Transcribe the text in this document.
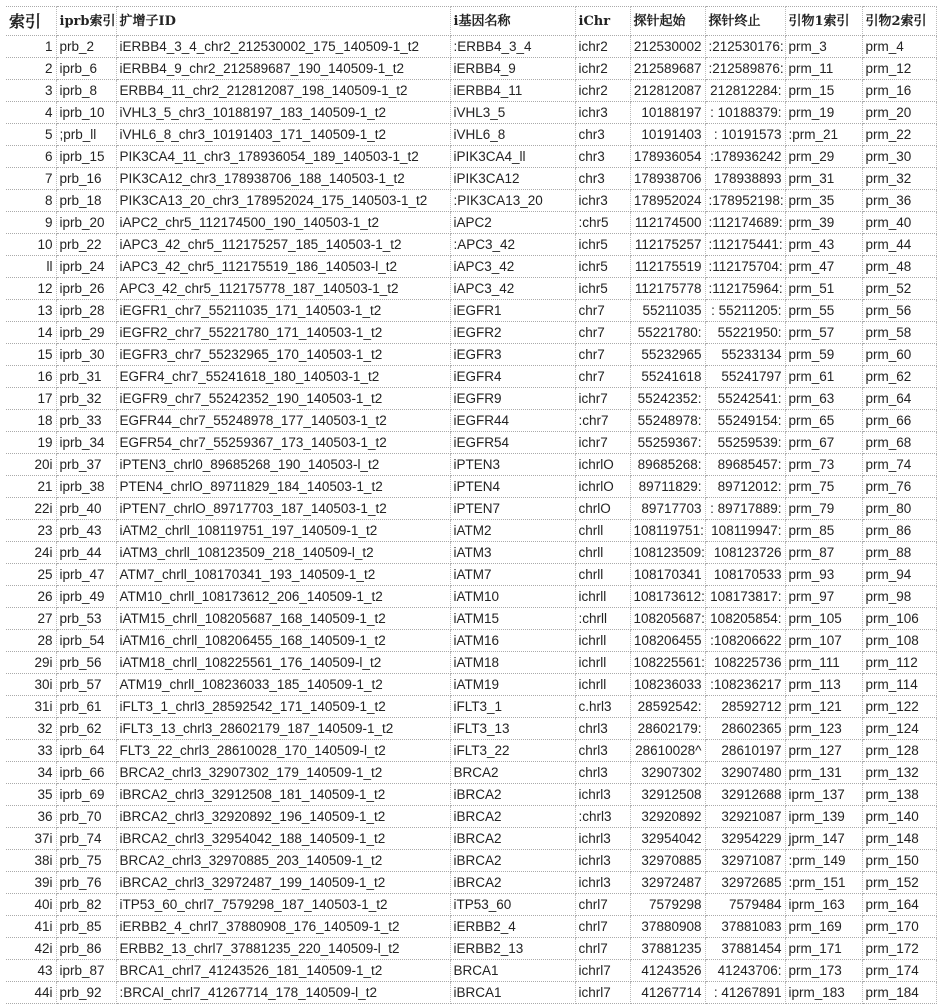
索引	iprb索引	扩增子ID	i基因名称	iChr	探针起始	探针终止	引物1索引	引物2索引
1	prb_2	iERBB4_3_4_chr2_212530002_175_140509-1_t2	:ERBB4_3_4	ichr2	212530002	:212530176:	prm_3	prm_4
2	iprb_6	iERBB4_9_chr2_212589687_190_140509-1_t2	iERBB4_9	ichr2	212589687	:212589876:	prm_11	prm_12
3	iprb_8	ERBB4_11_chr2_212812087_198_140509-1_t2	iERBB4_11	ichr2	212812087	212812284:	prm_15	prm_16
4	iprb_10	iVHL3_5_chr3_10188197_183_140509-1_t2	iVHL3_5	ichr3	10188197	: 10188379:	prm_19	prm_20
5	;prb_ll	iVHL6_8_chr3_10191403_171_140509-1_t2	iVHL6_8	chr3	10191403	: 10191573	:prm_21	prm_22
6	iprb_15	PIK3CA4_11_chr3_178936054_189_140503-1_t2	iPIK3CA4_ll	chr3	178936054	:178936242	prm_29	prm_30
7	prb_16	PIK3CA12_chr3_178938706_188_140503-1_t2	iPIK3CA12	chr3	178938706	178938893	prm_31	prm_32
8	prb_18	PIK3CA13_20_chr3_178952024_175_140503-1_t2	:PIK3CA13_20	ichr3	178952024	:178952198:	prm_35	prm_36
9	iprb_20	iAPC2_chr5_112174500_190_140503-1_t2	iAPC2	:chr5	112174500	:112174689:	prm_39	prm_40
10	prb_22	iAPC3_42_chr5_112175257_185_140503-1_t2	:APC3_42	ichr5	112175257	:112175441:	prm_43	prm_44
ll	iprb_24	iAPC3_42_chr5_112175519_186_140503-l_t2	iAPC3_42	ichr5	112175519	:112175704:	prm_47	prm_48
12	iprb_26	APC3_42_chr5_112175778_187_140503-1_t2	iAPC3_42	ichr5	112175778	:112175964:	prm_51	prm_52
13	iprb_28	iEGFR1_chr7_55211035_171_140503-1_t2	iEGFR1	chr7	55211035	: 55211205:	prm_55	prm_56
14	iprb_29	iEGFR2_chr7_55221780_171_140503-1_t2	iEGFR2	chr7	55221780:	55221950:	prm_57	prm_58
15	iprb_30	iEGFR3_chr7_55232965_170_140503-1_t2	iEGFR3	chr7	55232965	55233134	prm_59	prm_60
16	prb_31	EGFR4_chr7_55241618_180_140503-1_t2	iEGFR4	chr7	55241618	55241797	prm_61	prm_62
17	prb_32	iEGFR9_chr7_55242352_190_140503-1_t2	iEGFR9	ichr7	55242352:	55242541:	prm_63	prm_64
18	prb_33	EGFR44_chr7_55248978_177_140503-1_t2	iEGFR44	:chr7	55248978:	55249154:	prm_65	prm_66
19	iprb_34	EGFR54_chr7_55259367_173_140503-1_t2	iEGFR54	ichr7	55259367:	55259539:	prm_67	prm_68
20i	prb_37	iPTEN3_chrl0_89685268_190_140503-l_t2	iPTEN3	ichrlO	89685268:	89685457:	prm_73	prm_74
21	iprb_38	PTEN4_chrlO_89711829_184_140503-1_t2	iPTEN4	ichrlO	89711829:	89712012:	prm_75	prm_76
22i	prb_40	iPTEN7_chrlO_89717703_187_140503-1_t2	iPTEN7	chrlO	89717703	: 89717889:	prm_79	prm_80
23	prb_43	iATM2_chrll_108119751_197_140509-1_t2	iATM2	chrll	108119751:	108119947:	prm_85	prm_86
24i	prb_44	iATM3_chrll_108123509_218_140509-l_t2	iATM3	chrll	108123509:	108123726	prm_87	prm_88
25	iprb_47	ATM7_chrll_108170341_193_140509-1_t2	iATM7	chrll	108170341	108170533	prm_93	prm_94
26	iprb_49	ATM10_chrll_108173612_206_140509-1_t2	iATM10	ichrll	108173612:	108173817:	prm_97	prm_98
27	prb_53	iATM15_chrll_108205687_168_140509-1_t2	iATM15	:chrll	108205687:	108205854:	prm_105	prm_106
28	iprb_54	iATM16_chrll_108206455_168_140509-1_t2	iATM16	ichrll	108206455	:108206622	prm_107	prm_108
29i	prb_56	iATM18_chrll_108225561_176_140509-l_t2	iATM18	ichrll	108225561:	108225736	prm_111	prm_112
30i	prb_57	ATM19_chrll_108236033_185_140509-1_t2	iATM19	ichrll	108236033	:108236217	prm_113	prm_114
31i	prb_61	iFLT3_1_chrl3_28592542_171_140509-1_t2	iFLT3_1	c.hrl3	28592542:	28592712	prm_121	prm_122
32	prb_62	iFLT3_13_chrl3_28602179_187_140509-1_t2	iFLT3_13	chrl3	28602179:	28602365	prm_123	prm_124
33	iprb_64	FLT3_22_chrl3_28610028_170_140509-l_t2	iFLT3_22	chrl3	28610028^	28610197	prm_127	prm_128
34	iprb_66	BRCA2_chrl3_32907302_179_140509-1_t2	BRCA2	chrl3	32907302	32907480	prm_131	prm_132
35	iprb_69	iBRCA2_chrl3_32912508_181_140509-1_t2	iBRCA2	ichrl3	32912508	32912688	iprm_137	prm_138
36	prb_70	iBRCA2_chrl3_32920892_196_140509-1_t2	iBRCA2	:chrl3	32920892	32921087	iprm_139	prm_140
37i	prb_74	iBRCA2_chrl3_32954042_188_140509-1_t2	iBRCA2	ichrl3	32954042	32954229	jprm_147	prm_148
38i	prb_75	BRCA2_chrl3_32970885_203_140509-1_t2	iBRCA2	ichrl3	32970885	32971087	:prm_149	prm_150
39i	prb_76	iBRCA2_chrl3_32972487_199_140509-1_t2	iBRCA2	ichrl3	32972487	32972685	:prm_151	prm_152
40i	prb_82	iTP53_60_chrl7_7579298_187_140503-1_t2	iTP53_60	chrl7	7579298	7579484	iprm_163	prm_164
41i	prb_85	iERBB2_4_chrl7_37880908_176_140509-1_t2	iERBB2_4	chrl7	37880908	37881083	prm_169	prm_170
42i	prb_86	ERBB2_13_chrl7_37881235_220_140509-l_t2	iERBB2_13	chrl7	37881235	37881454	prm_171	prm_172
43	iprb_87	BRCA1_chrl7_41243526_181_140509-1_t2	BRCA1	ichrl7	41243526	41243706:	prm_173	prm_174
44i	prb_92	:BRCAl_chrl7_41267714_178_140509-l_t2	iBRCA1	ichrl7	41267714	: 41267891	iprm_183	prm_184
